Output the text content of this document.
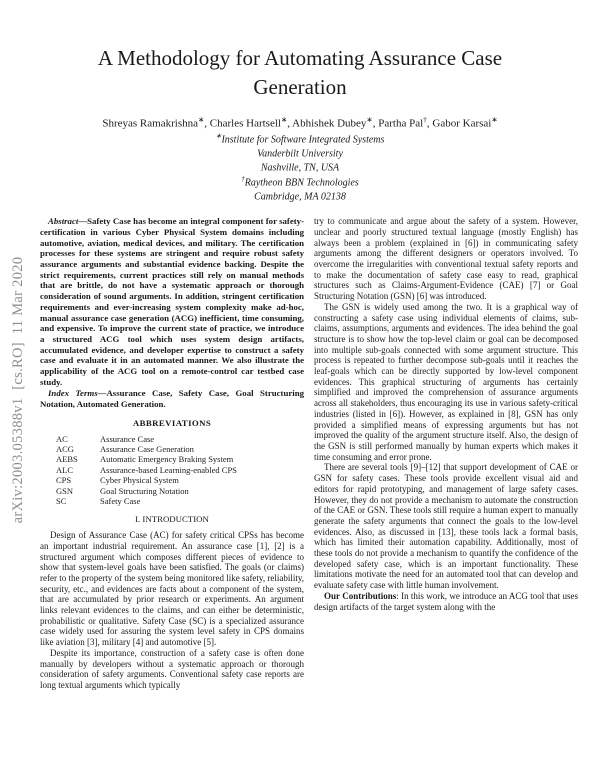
arXiv:2003.05388v1  [cs.RO]  11 Mar 2020
A Methodology for Automating Assurance Case Generation
Shreyas Ramakrishna∗, Charles Hartsell∗, Abhishek Dubey∗, Partha Pal†, Gabor Karsai∗
∗Institute for Software Integrated Systems
Vanderbilt University
Nashville, TN, USA
†Raytheon BBN Technologies
Cambridge, MA 02138

Abstract—Safety Case has become an integral component for safety-certification in various Cyber Physical System domains including automotive, aviation, medical devices, and military. The certification processes for these systems are stringent and require robust safety assurance arguments and substantial evidence backing. Despite the strict requirements, current practices still rely on manual methods that are brittle, do not have a systematic approach or thorough consideration of sound arguments. In addition, stringent certification requirements and ever-increasing system complexity make ad-hoc, manual assurance case generation (ACG) inefficient, time consuming, and expensive. To improve the current state of practice, we introduce a structured ACG tool which uses system design artifacts, accumulated evidence, and developer expertise to construct a safety case and evaluate it in an automated manner. We also illustrate the applicability of the ACG tool on a remote-control car testbed case study.

Index Terms—Assurance Case, Safety Case, Goal Structuring Notation, Automated Generation.

ABBREVIATIONS

AC	Assurance Case
ACG	Assurance Case Generation
AEBS	Automatic Emergency Braking System
ALC	Assurance-based Learning-enabled CPS
CPS	Cyber Physical System
GSN	Goal Structuring Notation
SC	Safety Case

I. INTRODUCTION

Design of Assurance Case (AC) for safety critical CPSs has become an important industrial requirement. An assurance case [1], [2] is a structured argument which composes different pieces of evidence to show that system-level goals have been satisfied. The goals (or claims) refer to the property of the system being monitored like safety, reliability, security, etc., and evidences are facts about a component of the system, that are accumulated by prior research or experiments. An argument links relevant evidences to the claims, and can either be deterministic, probabilistic or qualitative. Safety Case (SC) is a specialized assurance case widely used for assuring the system level safety in CPS domains like aviation [3], military [4] and automotive [5].

Despite its importance, construction of a safety case is often done manually by developers without a systematic approach or thorough consideration of safety arguments. Conventional safety case reports are long textual arguments which typically

try to communicate and argue about the safety of a system. However, unclear and poorly structured textual language (mostly English) has always been a problem (explained in [6]) in communicating safety arguments among the different designers or operators involved. To overcome the irregularities with conventional textual safety reports and to make the documentation of safety case easy to read, graphical structures such as Claims-Argument-Evidence (CAE) [7] or Goal Structuring Notation (GSN) [6] was introduced.

The GSN is widely used among the two. It is a graphical way of constructing a safety case using individual elements of claims, sub-claims, assumptions, arguments and evidences. The idea behind the goal structure is to show how the top-level claim or goal can be decomposed into multiple sub-goals connected with some argument structure. This process is repeated to further decompose sub-goals until it reaches the leaf-goals which can be directly supported by low-level component evidences. This graphical structuring of arguments has certainly simplified and improved the comprehension of assurance arguments across all stakeholders, thus encouraging its use in various safety-critical industries (listed in [6]). However, as explained in [8], GSN has only provided a simplified means of expressing arguments but has not improved the quality of the argument structure itself. Also, the design of the GSN is still performed manually by human experts which makes it time consuming and error prone.

There are several tools [9]–[12] that support development of CAE or GSN for safety cases. These tools provide excellent visual aid and editors for rapid prototyping, and management of large safety cases. However, they do not provide a mechanism to automate the construction of the CAE or GSN. These tools still require a human expert to manually generate the safety arguments that connect the goals to the low-level evidences. Also, as discussed in [13], these tools lack a formal basis, which has limited their automation capability. Additionally, most of these tools do not provide a mechanism to quantify the confidence of the developed safety case, which is an important functionality. These limitations motivate the need for an automated tool that can develop and evaluate safety case with little human involvement.

Our Contributions: In this work, we introduce an ACG tool that uses design artifacts of the target system along with the
